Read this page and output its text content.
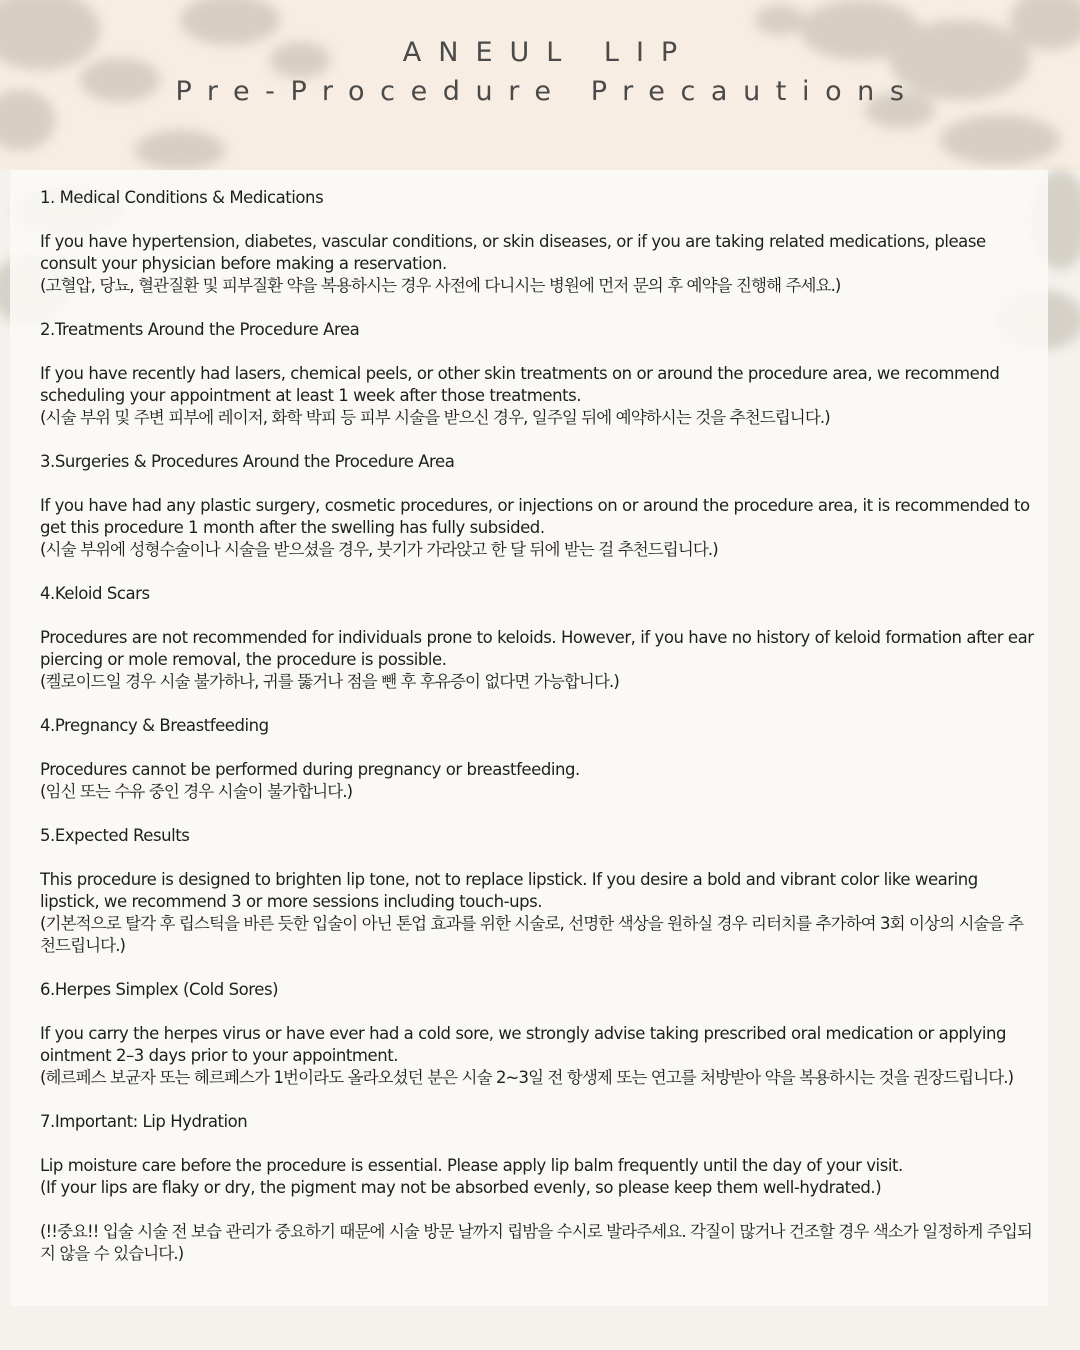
ANEUL LIP
Pre-Procedure Precautions
1. Medical Conditions & Medications

If you have hypertension, diabetes, vascular conditions, or skin diseases, or if you are taking related medications, please consult your physician before making a reservation.

(고혈압, 당뇨, 혈관질환 및 피부질환 약을 복용하시는 경우 사전에 다니시는 병원에 먼저 문의 후 예약을 진행해 주세요.)

2.Treatments Around the Procedure Area

If you have recently had lasers, chemical peels, or other skin treatments on or around the procedure area, we recommend scheduling your appointment at least 1 week after those treatments.

(시술 부위 및 주변 피부에 레이저, 화학 박피 등 피부 시술을 받으신 경우, 일주일 뒤에 예약하시는 것을 추천드립니다.)

3.Surgeries & Procedures Around the Procedure Area

If you have had any plastic surgery, cosmetic procedures, or injections on or around the procedure area, it is recommended to get this procedure 1 month after the swelling has fully subsided.

(시술 부위에 성형수술이나 시술을 받으셨을 경우, 붓기가 가라앉고 한 달 뒤에 받는 걸 추천드립니다.)

4.Keloid Scars

Procedures are not recommended for individuals prone to keloids. However, if you have no history of keloid formation after ear piercing or mole removal, the procedure is possible.

(켈로이드일 경우 시술 불가하나, 귀를 뚫거나 점을 뺀 후 후유증이 없다면 가능합니다.)

4.Pregnancy & Breastfeeding

Procedures cannot be performed during pregnancy or breastfeeding.

(임신 또는 수유 중인 경우 시술이 불가합니다.)

5.Expected Results

This procedure is designed to brighten lip tone, not to replace lipstick. If you desire a bold and vibrant color like wearing lipstick, we recommend 3 or more sessions including touch-ups.

(기본적으로 탈각 후 립스틱을 바른 듯한 입술이 아닌 톤업 효과를 위한 시술로, 선명한 색상을 원하실 경우 리터치를 추가하여 3회 이상의 시술을 추천드립니다.)

6.Herpes Simplex (Cold Sores)

If you carry the herpes virus or have ever had a cold sore, we strongly advise taking prescribed oral medication or applying ointment 2–3 days prior to your appointment.

(헤르페스 보균자 또는 헤르페스가 1번이라도 올라오셨던 분은 시술 2~3일 전 항생제 또는 연고를 처방받아 약을 복용하시는 것을 권장드립니다.)

7.Important: Lip Hydration

Lip moisture care before the procedure is essential. Please apply lip balm frequently until the day of your visit.

(If your lips are flaky or dry, the pigment may not be absorbed evenly, so please keep them well-hydrated.)

(!!중요!! 입술 시술 전 보습 관리가 중요하기 때문에 시술 방문 날까지 립밤을 수시로 발라주세요. 각질이 많거나 건조할 경우 색소가 일정하게 주입되지 않을 수 있습니다.)
